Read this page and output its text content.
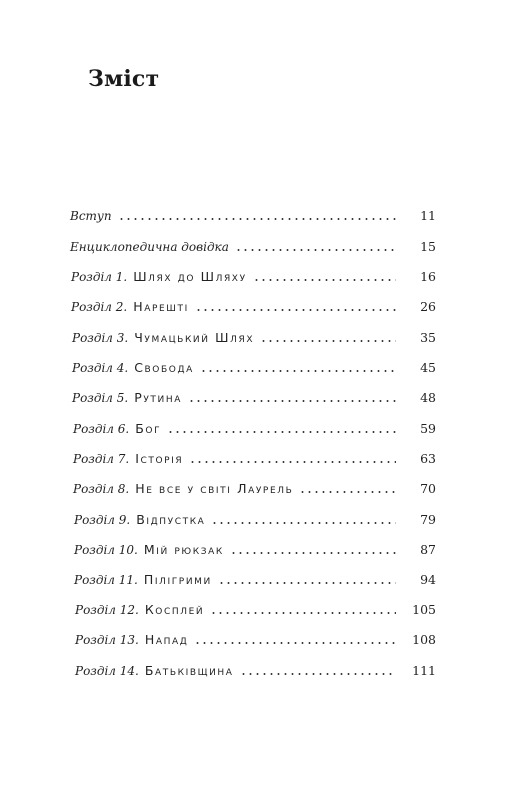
Зміст
Вступ	11
Енциклопедична довідка	15
Розділ 1. Шлях до Шляху	16
Розділ 2. Нарешті	26
Розділ 3. Чумацький Шлях	35
Розділ 4. Свобода	45
Розділ 5. Рутина	48
Розділ 6. Бог	59
Розділ 7. Історія	63
Розділ 8. Не все у світі Лаурель	70
Розділ 9. Відпустка	79
Розділ 10. Мій рюкзак	87
Розділ 11. Пілігрими	94
Розділ 12. Косплей	105
Розділ 13. Напад	108
Розділ 14. Батьківщина	111
